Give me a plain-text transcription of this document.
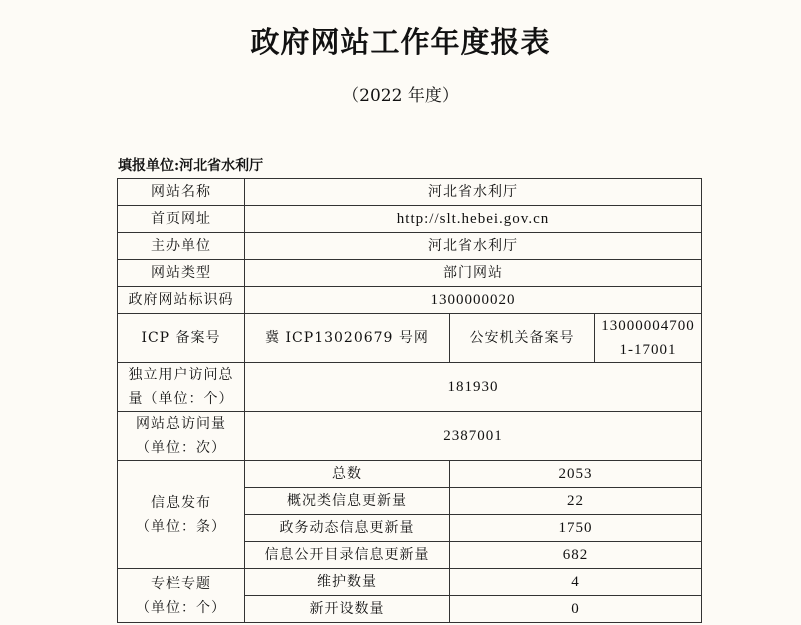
政府网站工作年度报表
（2022 年度）
填报单位:河北省水利厅
网站名称	河北省水利厅		
首页网址	http://slt.hebei.gov.cn		
主办单位	河北省水利厅		
网站类型	部门网站		
政府网站标识码	1300000020		
ICP 备案号	冀 ICP13020679 号网	公安机关备案号	13000004700
1-17001

独立用户访问总
量（单位：个）	181930		

网站总访问量
（单位：次）	2387001		

信息发布
（单位：条）	总数	2053	
	概况类信息更新量	22	
	政务动态信息更新量	1750	
	信息公开目录信息更新量	682	

专栏专题
（单位：个）	维护数量	4	
	新开设数量	0	
